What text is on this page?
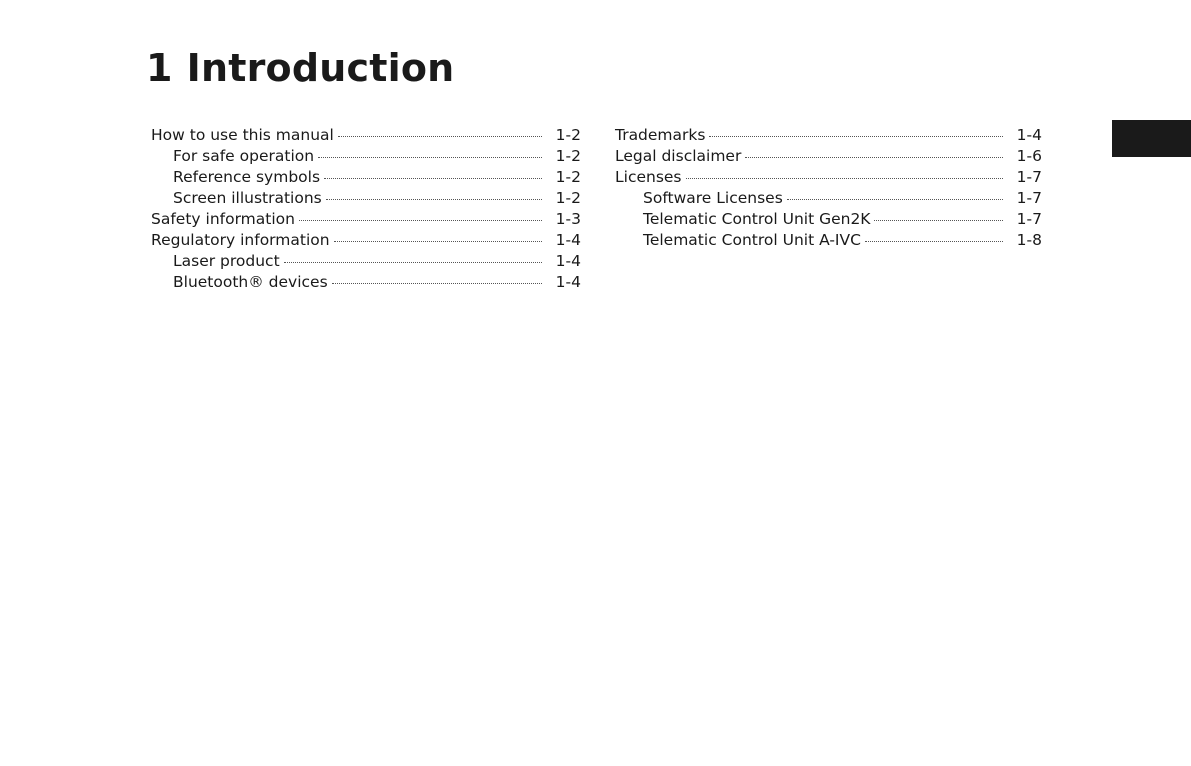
1 Introduction
How to use this manual	1-2
For safe operation	1-2
Reference symbols	1-2
Screen illustrations	1-2
Safety information	1-3
Regulatory information	1-4
Laser product	1-4
Bluetooth® devices	1-4
Trademarks	1-4
Legal disclaimer	1-6
Licenses	1-7
Software Licenses	1-7
Telematic Control Unit Gen2K	1-7
Telematic Control Unit A-IVC	1-8
